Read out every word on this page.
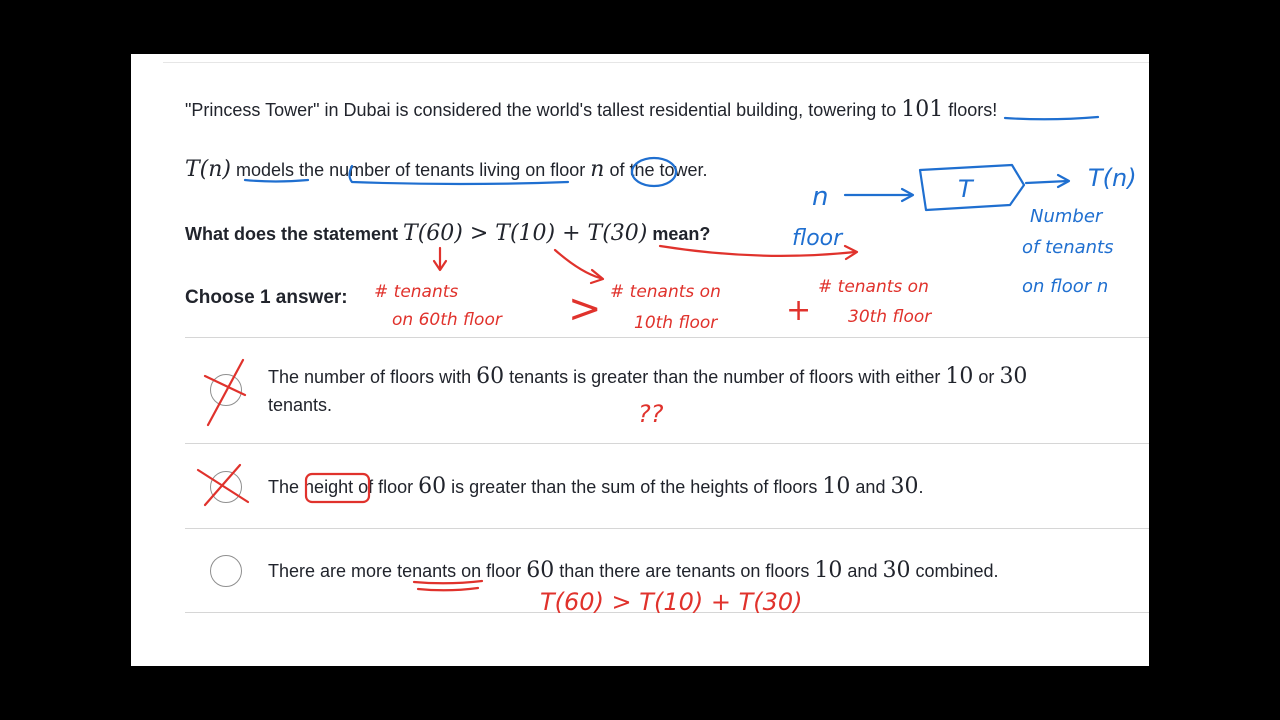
"Princess Tower" in Dubai is considered the world's tallest residential building, towering to 101 floors!
T(n) models the number of tenants living on floor n of the tower.
What does the statement T(60) > T(10) + T(30) mean?
Choose 1 answer:
The number of floors with 60 tenants is greater than the number of floors with either 10 or 30
tenants.
The height of floor 60 is greater than the sum of the heights of floors 10 and 30.
There are more tenants on floor 60 than there are tenants on floors 10 and 30 combined.
n	T	T(n)
floor
Number
of tenants
on floor n
# tenants
on 60th floor > # tenants on
10th floor +
# tenants on
30th floor
??
T(60) > T(10) + T(30)
